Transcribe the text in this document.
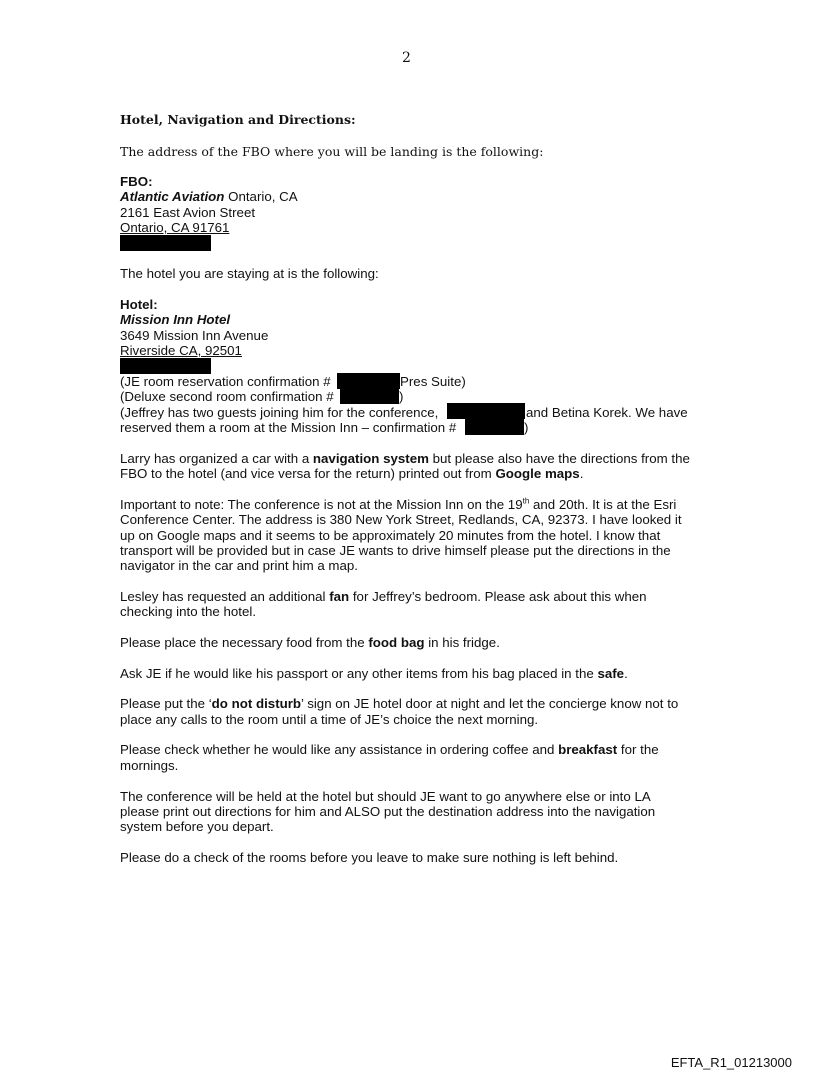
2
Hotel, Navigation and Directions:
The address of the FBO where you will be landing is the following:
FBO:
Atlantic Aviation Ontario, CA
2161 East Avion Street
Ontario, CA 91761
The hotel you are staying at is the following:
Hotel:
Mission Inn Hotel
3649 Mission Inn Avenue
Riverside CA, 92501
(JE room reservation confirmation #	Pres Suite)
(Deluxe second room confirmation #	)
(Jeffrey has two guests joining him for the conference,	and Betina Korek. We have
reserved them a room at the Mission Inn – confirmation #	)
Larry has organized a car with a navigation system but please also have the directions from the
FBO to the hotel (and vice versa for the return) printed out from Google maps.
Important to note: The conference is not at the Mission Inn on the 19th and 20th. It is at the Esri
Conference Center. The address is 380 New York Street, Redlands, CA, 92373. I have looked it
up on Google maps and it seems to be approximately 20 minutes from the hotel. I know that
transport will be provided but in case JE wants to drive himself please put the directions in the
navigator in the car and print him a map.
Lesley has requested an additional fan for Jeffrey’s bedroom. Please ask about this when
checking into the hotel.
Please place the necessary food from the food bag in his fridge.
Ask JE if he would like his passport or any other items from his bag placed in the safe.
Please put the ‘do not disturb’ sign on JE hotel door at night and let the concierge know not to
place any calls to the room until a time of JE’s choice the next morning.
Please check whether he would like any assistance in ordering coffee and breakfast for the
mornings.
The conference will be held at the hotel but should JE want to go anywhere else or into LA
please print out directions for him and ALSO put the destination address into the navigation
system before you depart.
Please do a check of the rooms before you leave to make sure nothing is left behind.
EFTA_R1_01213000
